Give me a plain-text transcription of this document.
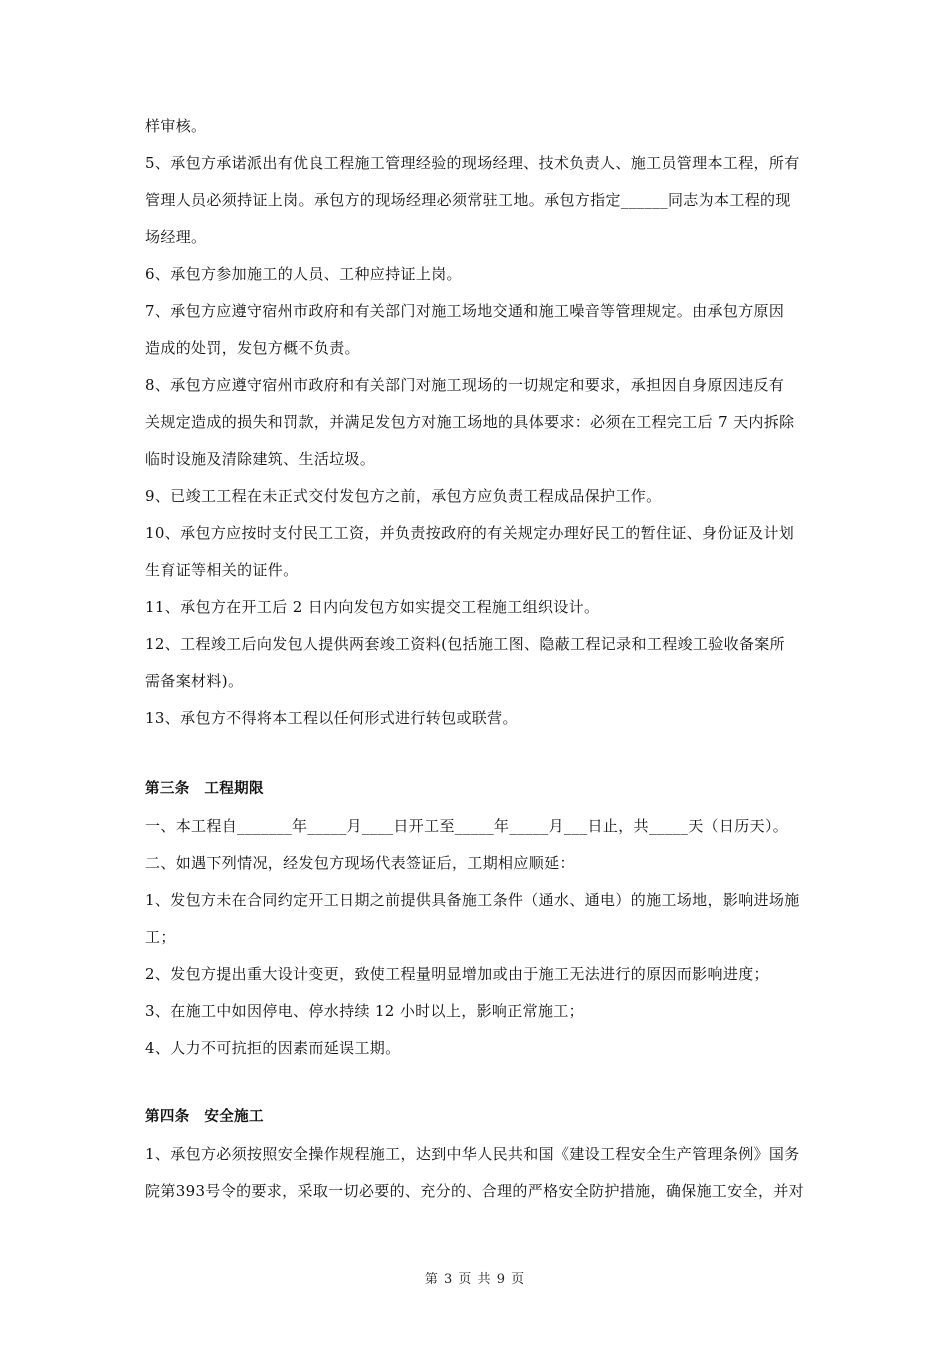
样审核。
5、承包方承诺派出有优良工程施工管理经验的现场经理、技术负责人、施工员管理本工程，所有
管理人员必须持证上岗。承包方的现场经理必须常驻工地。承包方指定______同志为本工程的现
场经理。
6、承包方参加施工的人员、工种应持证上岗。
7、承包方应遵守宿州市政府和有关部门对施工场地交通和施工噪音等管理规定。由承包方原因
造成的处罚，发包方概不负责。
8、承包方应遵守宿州市政府和有关部门对施工现场的一切规定和要求，承担因自身原因违反有
关规定造成的损失和罚款，并满足发包方对施工场地的具体要求：必须在工程完工后 7 天内拆除
临时设施及清除建筑、生活垃圾。
9、已竣工工程在未正式交付发包方之前，承包方应负责工程成品保护工作。
10、承包方应按时支付民工工资，并负责按政府的有关规定办理好民工的暂住证、身份证及计划
生育证等相关的证件。
11、承包方在开工后 2 日内向发包方如实提交工程施工组织设计。
12、工程竣工后向发包人提供两套竣工资料(包括施工图、隐蔽工程记录和工程竣工验收备案所
需备案材料)。
13、承包方不得将本工程以任何形式进行转包或联营。
第三条　工程期限
一、本工程自_______年_____月____日开工至_____年_____月___日止，共_____天（日历天）。
二、如遇下列情况，经发包方现场代表签证后，工期相应顺延：
1、发包方未在合同约定开工日期之前提供具备施工条件（通水、通电）的施工场地，影响进场施
工；
2、发包方提出重大设计变更，致使工程量明显增加或由于施工无法进行的原因而影响进度；
3、在施工中如因停电、停水持续 12 小时以上，影响正常施工；
4、人力不可抗拒的因素而延误工期。
第四条　安全施工
1、承包方必须按照安全操作规程施工，达到中华人民共和国《建设工程安全生产管理条例》国务
院第393号令的要求，采取一切必要的、充分的、合理的严格安全防护措施，确保施工安全，并对
第 3 页 共 9 页
